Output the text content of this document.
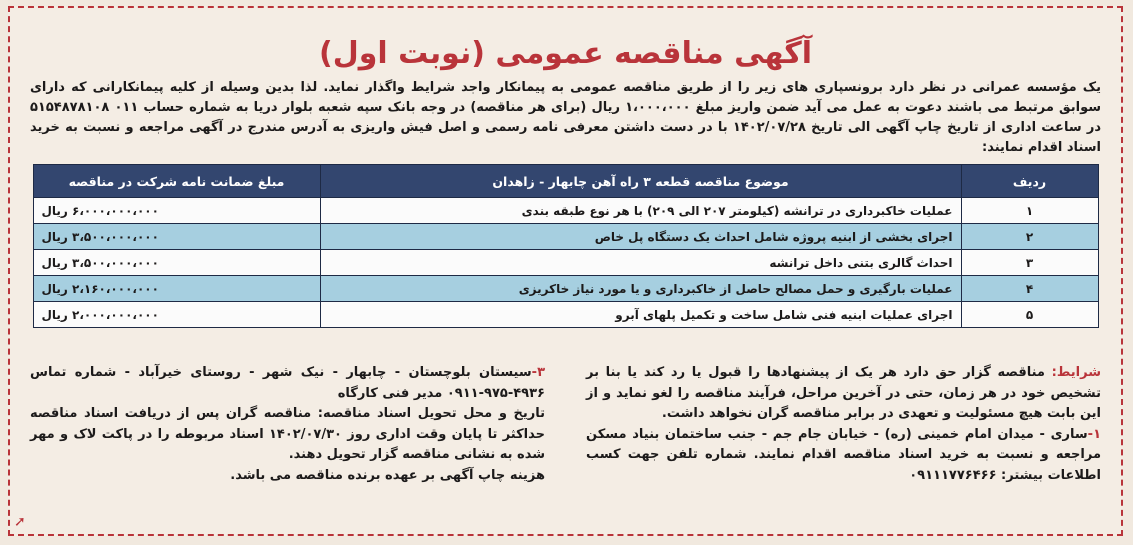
آگهی مناقصه عمومی (نوبت اول)
یک مؤسسه عمرانی در نظر دارد برونسپاری های زیر را از طریق مناقصه عمومی به پیمانکار واجد شرایط واگذار نماید. لذا بدین وسیله از کلیه پیمانکارانی که دارای سوابق مرتبط می باشند دعوت به عمل می آید ضمن واریز مبلغ ۱،۰۰۰،۰۰۰ ریال (برای هر مناقصه) در وجه بانک سپه شعبه بلوار دریا به شماره حساب ۰۱۱ ۵۱۵۴۸۷۸۱۰۸ در ساعت اداری از تاریخ چاپ آگهی الی تاریخ ۱۴۰۲/۰۷/۲۸ با در دست داشتن معرفی نامه رسمی و اصل فیش واریزی به آدرس مندرج در آگهی مراجعه و نسبت به خرید اسناد اقدام نمایند:
ردیف	موضوع مناقصه قطعه ۳ راه آهن چابهار - زاهدان	مبلغ ضمانت نامه شرکت در مناقصه
۱	عملیات خاکبرداری در ترانشه (کیلومتر ۲۰۷ الی ۲۰۹) با هر نوع طبقه بندی	۶،۰۰۰،۰۰۰،۰۰۰ ریال
۲	اجرای بخشی از ابنیه پروژه شامل احداث یک دستگاه پل خاص	۳،۵۰۰،۰۰۰،۰۰۰ ریال
۳	احداث گالری بتنی داخل ترانشه	۳،۵۰۰،۰۰۰،۰۰۰ ریال
۴	عملیات بارگیری و حمل مصالح حاصل از خاکبرداری و یا مورد نیاز خاکریزی	۲،۱۶۰،۰۰۰،۰۰۰ ریال
۵	اجرای عملیات ابنیه فنی شامل ساخت و تکمیل پلهای آبرو	۲،۰۰۰،۰۰۰،۰۰۰ ریال
شرایط: مناقصه گزار حق دارد هر یک از پیشنهادها را قبول یا رد کند یا بنا بر تشخیص خود در هر زمان، حتی در آخرین مراحل، فرآیند مناقصه را لغو نماید و از این بابت هیچ مسئولیت و تعهدی در برابر مناقصه گران نخواهد داشت.
۱-ساری - میدان امام خمینی (ره) - خیابان جام جم - جنب ساختمان بنیاد مسکن مراجعه و نسبت به خرید اسناد مناقصه اقدام نمایند. شماره تلفن جهت کسب اطلاعات بیشتر: ۰۹۱۱۱۷۷۶۴۶۶
۳-سیستان بلوچستان - چابهار - نیک شهر - روستای خیرآباد - شماره تماس ۴۹۳۶-۹۷۵-۰۹۱۱ مدیر فنی کارگاه
تاریخ و محل تحویل اسناد مناقصه: مناقصه گران پس از دریافت اسناد مناقصه حداکثر تا پایان وقت اداری روز ۱۴۰۲/۰۷/۳۰ اسناد مربوطه را در پاکت لاک و مهر شده به نشانی مناقصه گزار تحویل دهند.
هزینه چاپ آگهی بر عهده برنده مناقصه می باشد.
➚
